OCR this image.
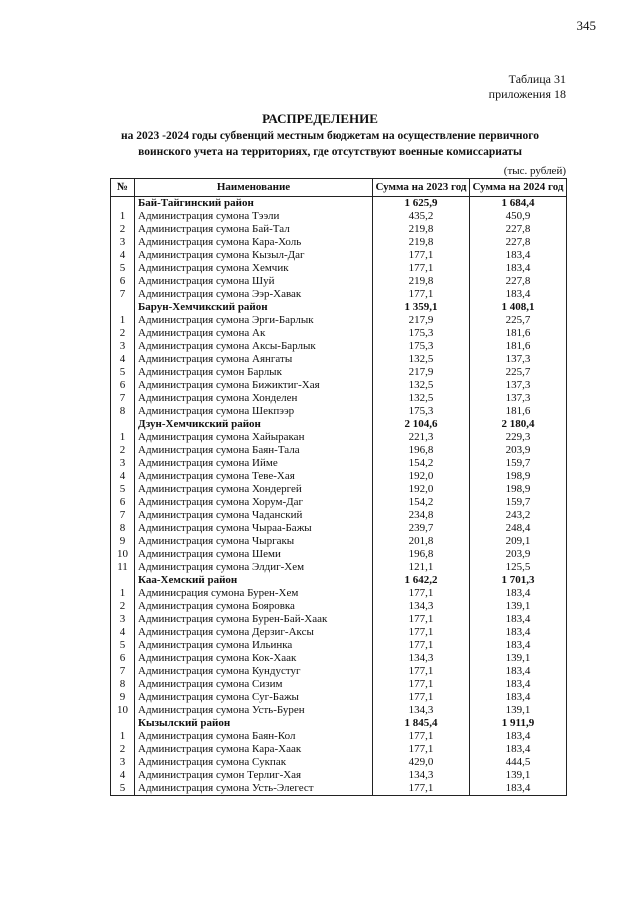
345
Таблица 31
приложения 18
РАСПРЕДЕЛЕНИЕ
на 2023 -2024 годы субвенций местным бюджетам на осуществление первичного
воинского учета на территориях, где отсутствуют военные комиссариаты
(тыс. рублей)
№	Наименование	Сумма на 2023 год	Сумма на 2024 год
	Бай-Тайгинский район	1 625,9	1 684,4
1	Администрация сумона Тээли	435,2	450,9
2	Администрация сумона Бай-Тал	219,8	227,8
3	Администрация сумона Кара-Холь	219,8	227,8
4	Администрация сумона Кызыл-Даг	177,1	183,4
5	Администрация сумона Хемчик	177,1	183,4
6	Администрация сумона Шуй	219,8	227,8
7	Администрация сумона Ээр-Хавак	177,1	183,4
	Барун-Хемчикский район	1 359,1	1 408,1
1	Администрация сумона Эрги-Барлык	217,9	225,7
2	Администрация сумона Ак	175,3	181,6
3	Администрация сумона Аксы-Барлык	175,3	181,6
4	Администрация сумона Аянгаты	132,5	137,3
5	Администрация сумон Барлык	217,9	225,7
6	Администрация сумона Бижиктиг-Хая	132,5	137,3
7	Администрация сумона Хонделен	132,5	137,3
8	Администрация сумона Шекпээр	175,3	181,6
	Дзун-Хемчикский район	2 104,6	2 180,4
1	Администрация сумона Хайыракан	221,3	229,3
2	Администрация сумона Баян-Тала	196,8	203,9
3	Администрация сумона Ийме	154,2	159,7
4	Администрация сумона Теве-Хая	192,0	198,9
5	Администрация сумона Хондергей	192,0	198,9
6	Администрация сумона Хорум-Даг	154,2	159,7
7	Администрация сумона Чаданский	234,8	243,2
8	Администрация сумона Чыраа-Бажы	239,7	248,4
9	Администрация сумона Чыргакы	201,8	209,1
10	Администрация сумона Шеми	196,8	203,9
11	Администрация сумона Элдиг-Хем	121,1	125,5
	Каа-Хемский район	1 642,2	1 701,3
1	Админисрация сумона Бурен-Хем	177,1	183,4
2	Администрация сумона Бояровка	134,3	139,1
3	Администрация сумона Бурен-Бай-Хаак	177,1	183,4
4	Администрация сумона Дерзиг-Аксы	177,1	183,4
5	Администрация сумона Ильинка	177,1	183,4
6	Администрация сумона Кок-Хаак	134,3	139,1
7	Администрация сумона Кундустуг	177,1	183,4
8	Администрация сумона Сизим	177,1	183,4
9	Администрация сумона Суг-Бажы	177,1	183,4
10	Администрация сумона Усть-Бурен	134,3	139,1
	Кызылский район	1 845,4	1 911,9
1	Администрация сумона Баян-Кол	177,1	183,4
2	Администрация сумона Кара-Хаак	177,1	183,4
3	Администрация сумона Сукпак	429,0	444,5
4	Администрация сумон Терлиг-Хая	134,3	139,1
5	Администрация сумона Усть-Элегест	177,1	183,4
